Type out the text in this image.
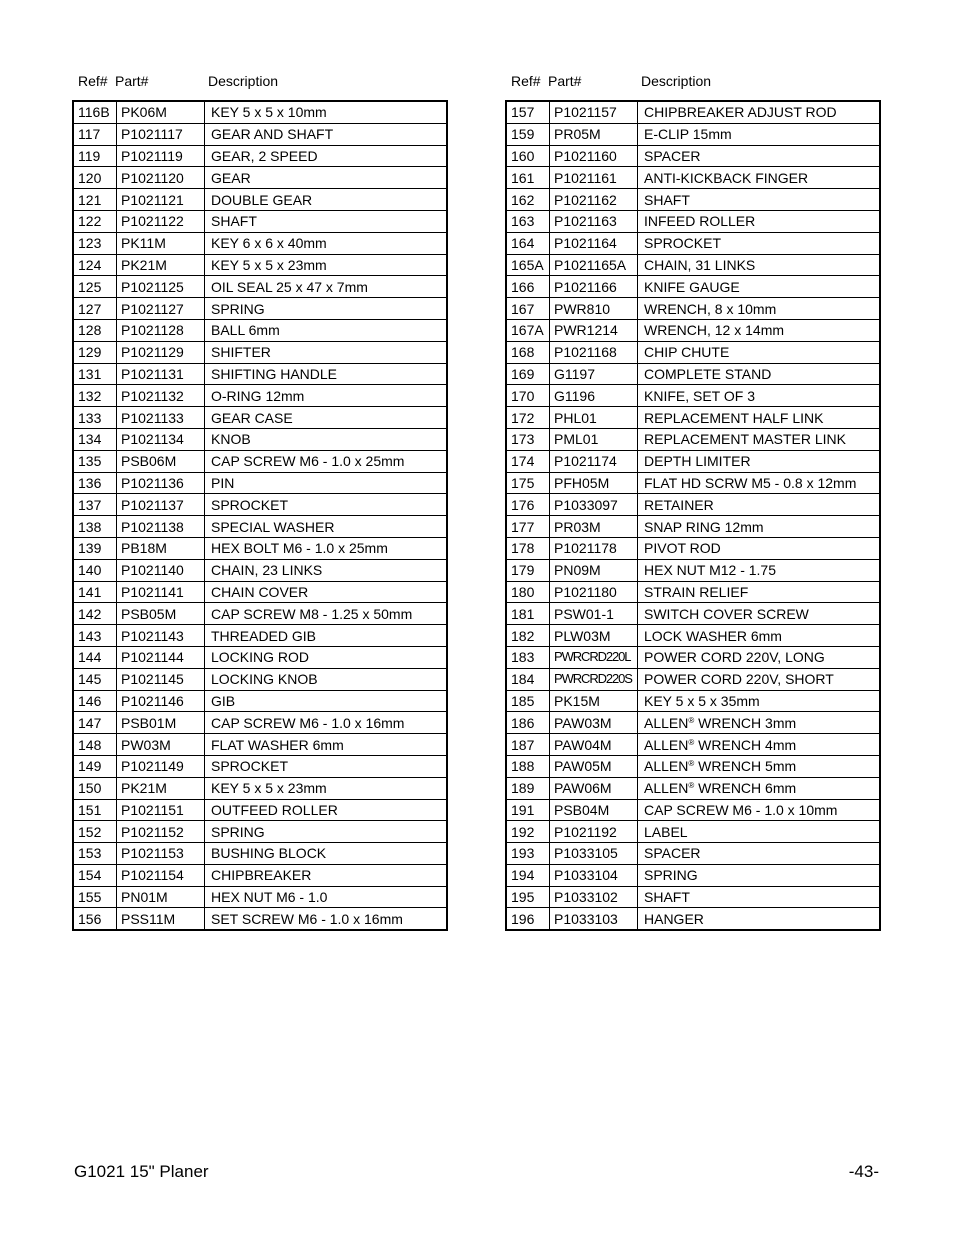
Ref# Part#	Description
116B	PK06M	KEY 5 x 5 x 10mm
117	P1021117	GEAR AND SHAFT
119	P1021119	GEAR, 2 SPEED
120	P1021120	GEAR
121	P1021121	DOUBLE GEAR
122	P1021122	SHAFT
123	PK11M	KEY 6 x 6 x 40mm
124	PK21M	KEY 5 x 5 x 23mm
125	P1021125	OIL SEAL 25 x 47 x 7mm
127	P1021127	SPRING
128	P1021128	BALL 6mm
129	P1021129	SHIFTER
131	P1021131	SHIFTING HANDLE
132	P1021132	O-RING 12mm
133	P1021133	GEAR CASE
134	P1021134	KNOB
135	PSB06M	CAP SCREW M6 - 1.0 x 25mm
136	P1021136	PIN
137	P1021137	SPROCKET
138	P1021138	SPECIAL WASHER
139	PB18M	HEX BOLT M6 - 1.0 x 25mm
140	P1021140	CHAIN, 23 LINKS
141	P1021141	CHAIN COVER
142	PSB05M	CAP SCREW M8 - 1.25 x 50mm
143	P1021143	THREADED GIB
144	P1021144	LOCKING ROD
145	P1021145	LOCKING KNOB
146	P1021146	GIB
147	PSB01M	CAP SCREW M6 - 1.0 x 16mm
148	PW03M	FLAT WASHER 6mm
149	P1021149	SPROCKET
150	PK21M	KEY 5 x 5 x 23mm
151	P1021151	OUTFEED ROLLER
152	P1021152	SPRING
153	P1021153	BUSHING BLOCK
154	P1021154	CHIPBREAKER
155	PN01M	HEX NUT M6 - 1.0
156	PSS11M	SET SCREW M6 - 1.0 x 16mm
Ref# Part#	Description
157	P1021157	CHIPBREAKER ADJUST ROD
159	PR05M	E-CLIP 15mm
160	P1021160	SPACER
161	P1021161	ANTI-KICKBACK FINGER
162	P1021162	SHAFT
163	P1021163	INFEED ROLLER
164	P1021164	SPROCKET
165A	P1021165A	CHAIN, 31 LINKS
166	P1021166	KNIFE GAUGE
167	PWR810	WRENCH, 8 x 10mm
167A	PWR1214	WRENCH, 12 x 14mm
168	P1021168	CHIP CHUTE
169	G1197	COMPLETE STAND
170	G1196	KNIFE, SET OF 3
172	PHL01	REPLACEMENT HALF LINK
173	PML01	REPLACEMENT MASTER LINK
174	P1021174	DEPTH LIMITER
175	PFH05M	FLAT HD SCRW M5 - 0.8 x 12mm
176	P1033097	RETAINER
177	PR03M	SNAP RING 12mm
178	P1021178	PIVOT ROD
179	PN09M	HEX NUT M12 - 1.75
180	P1021180	STRAIN RELIEF
181	PSW01-1	SWITCH COVER SCREW
182	PLW03M	LOCK WASHER 6mm
183	PWRCRD220L	POWER CORD 220V, LONG
184	PWRCRD220S	POWER CORD 220V, SHORT
185	PK15M	KEY 5 x 5 x 35mm
186	PAW03M	ALLEN® WRENCH 3mm
187	PAW04M	ALLEN® WRENCH 4mm
188	PAW05M	ALLEN® WRENCH 5mm
189	PAW06M	ALLEN® WRENCH 6mm
191	PSB04M	CAP SCREW M6 - 1.0 x 10mm
192	P1021192	LABEL
193	P1033105	SPACER
194	P1033104	SPRING
195	P1033102	SHAFT
196	P1033103	HANGER
G1021 15" Planer	-43-
